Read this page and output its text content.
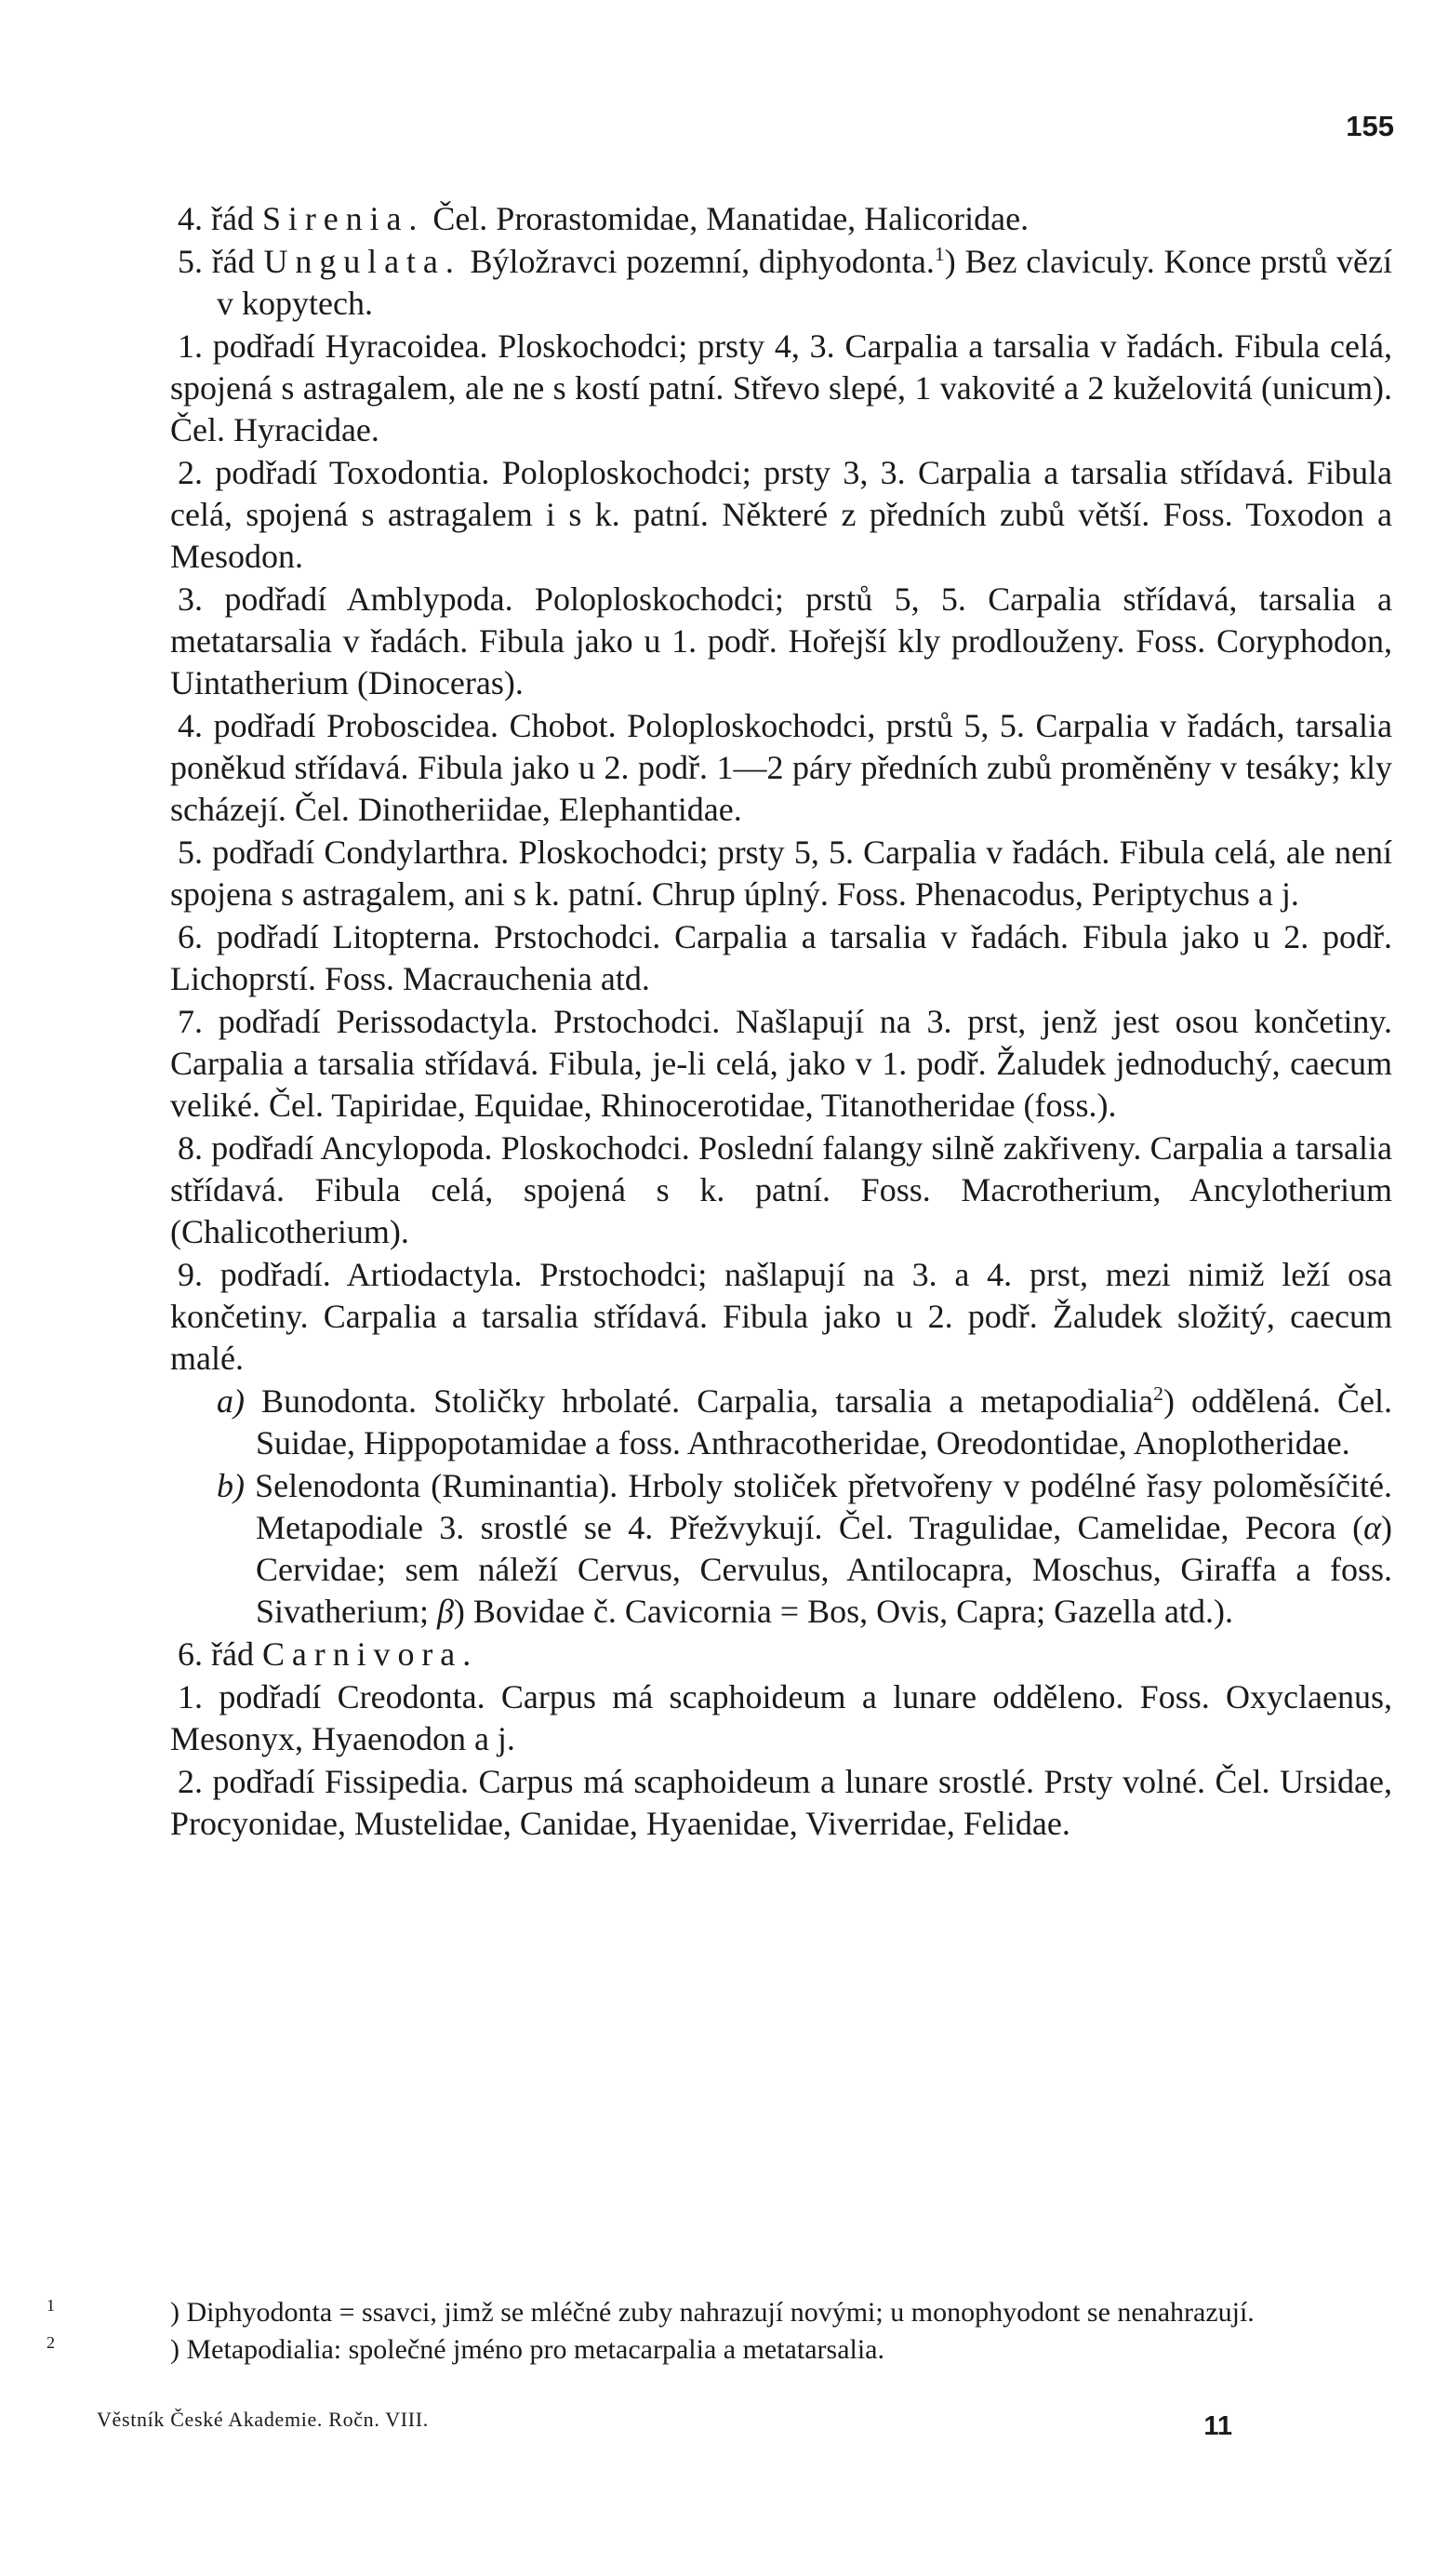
155

4. řád Sirenia. Čel. Prorastomidae, Manatidae, Halicoridae.

5. řád Ungulata. Býložravci pozemní, diphyodonta.$^1$) Bez claviculy. Konce prstů vězí v kopytech.

1. podřadí Hyracoidea. Ploskochodci; prsty 4, 3. Carpalia a tarsalia v řadách. Fibula celá, spojená s astragalem, ale ne s kostí patní. Střevo slepé, 1 vakovité a 2 kuželovitá (unicum). Čel. Hyracidae.

2. podřadí Toxodontia. Poloploskochodci; prsty 3, 3. Carpalia a tarsalia střídavá. Fibula celá, spojená s astragalem i s k. patní. Některé z předních zubů větší. Foss. Toxodon a Mesodon.

3. podřadí Amblypoda. Poloploskochodci; prstů 5, 5. Carpalia střídavá, tarsalia a metatarsalia v řadách. Fibula jako u 1. podř. Hořejší kly prodlouženy. Foss. Coryphodon, Uintatherium (Dinoceras).

4. podřadí Proboscidea. Chobot. Poloploskochodci, prstů 5, 5. Carpalia v řadách, tarsalia poněkud střídavá. Fibula jako u 2. podř. 1—2 páry předních zubů proměněny v tesáky; kly scházejí. Čel. Dinotheriidae, Elephantidae.

5. podřadí Condylarthra. Ploskochodci; prsty 5, 5. Carpalia v řadách. Fibula celá, ale není spojena s astragalem, ani s k. patní. Chrup úplný. Foss. Phenacodus, Periptychus a j.

6. podřadí Litopterna. Prstochodci. Carpalia a tarsalia v řadách. Fibula jako u 2. podř. Lichoprstí. Foss. Macrauchenia atd.

7. podřadí Perissodactyla. Prstochodci. Našlapují na 3. prst, jenž jest osou končetiny. Carpalia a tarsalia střídavá. Fibula, je-li celá, jako v 1. podř. Žaludek jednoduchý, caecum veliké. Čel. Tapiridae, Equidae, Rhinocerotidae, Titanotheridae (foss.).

8. podřadí Ancylopoda. Ploskochodci. Poslední falangy silně zakřiveny. Carpalia a tarsalia střídavá. Fibula celá, spojená s k. patní. Foss. Macrotherium, Ancylotherium (Chalicotherium).

9. podřadí. Artiodactyla. Prstochodci; našlapují na 3. a 4. prst, mezi nimiž leží osa končetiny. Carpalia a tarsalia střídavá. Fibula jako u 2. podř. Žaludek složitý, caecum malé.

a) Bunodonta. Stoličky hrbolaté. Carpalia, tarsalia a metapodialia$^2$) oddělená. Čel. Suidae, Hippopotamidae a foss. Anthracotheridae, Oreodontidae, Anoplotheridae.

b) Selenodonta (Ruminantia). Hrboly stoliček přetvořeny v podélné řasy poloměsíčité. Metapodiale 3. srostlé se 4. Přežvykují. Čel. Tragulidae, Camelidae, Pecora (α) Cervidae; sem náleží Cervus, Cervulus, Antilocapra, Moschus, Giraffa a foss. Sivatherium; β) Bovidae č. Cavicornia = Bos, Ovis, Capra; Gazella atd.).

6. řád Carnivora.

1. podřadí Creodonta. Carpus má scaphoideum a lunare odděleno. Foss. Oxyclaenus, Mesonyx, Hyaenodon a j.

2. podřadí Fissipedia. Carpus má scaphoideum a lunare srostlé. Prsty volné. Čel. Ursidae, Procyonidae, Mustelidae, Canidae, Hyaenidae, Viverridae, Felidae.

$^1$	) Diphyodonta = ssavci, jimž se mléčné zuby nahrazují novými; u monophyodont se nenahrazují.

$^2$	) Metapodialia: společné jméno pro metacarpalia a metatarsalia.

Věstník České Akademie. Ročn. VIII.	11
